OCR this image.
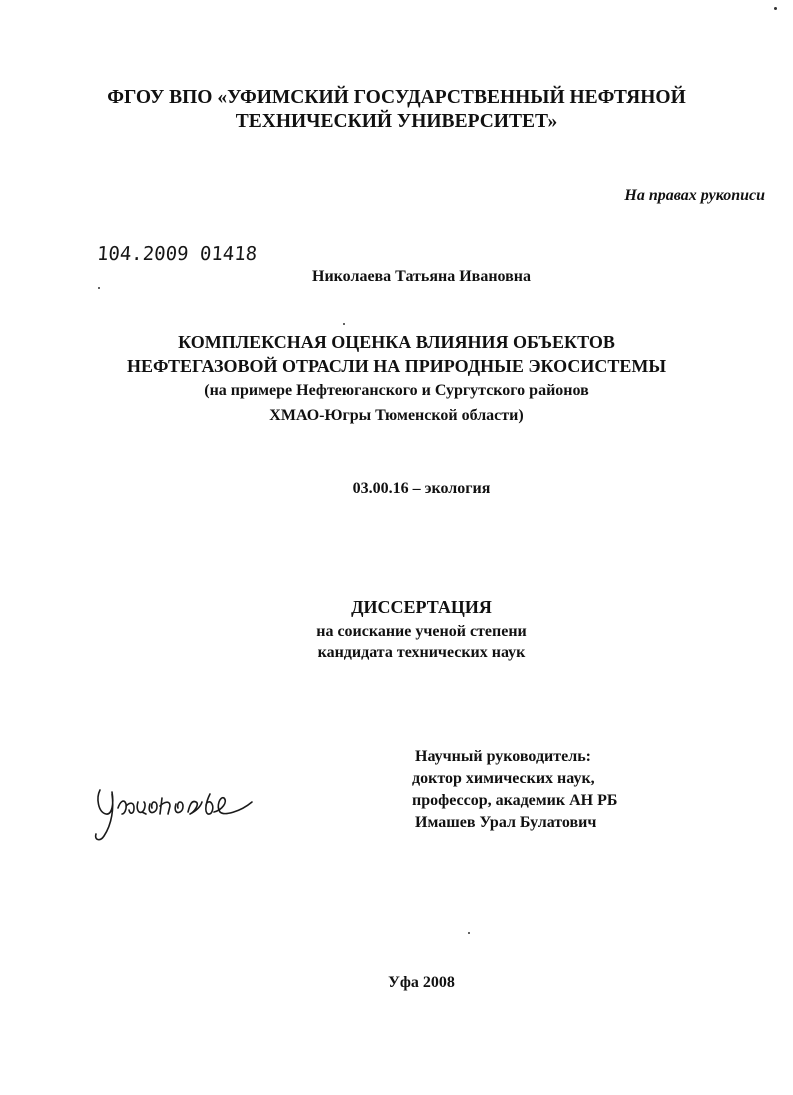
ФГОУ ВПО «УФИМСКИЙ ГОСУДАРСТВЕННЫЙ НЕФТЯНОЙ
ТЕХНИЧЕСКИЙ УНИВЕРСИТЕТ»
На правах рукописи
104.2009 01418
Николаева Татьяна Ивановна
КОМПЛЕКСНАЯ ОЦЕНКА ВЛИЯНИЯ ОБЪЕКТОВ
НЕФТЕГАЗОВОЙ ОТРАСЛИ НА ПРИРОДНЫЕ ЭКОСИСТЕМЫ
(на примере Нефтеюганского и Сургутского районов
ХМАО-Югры Тюменской области)
03.00.16 – экология
ДИССЕРТАЦИЯ
на соискание ученой степени
кандидата технических наук
Научный руководитель:
доктор химических наук,
профессор, академик АН РБ
Имашев Урал Булатович
Уфа 2008
